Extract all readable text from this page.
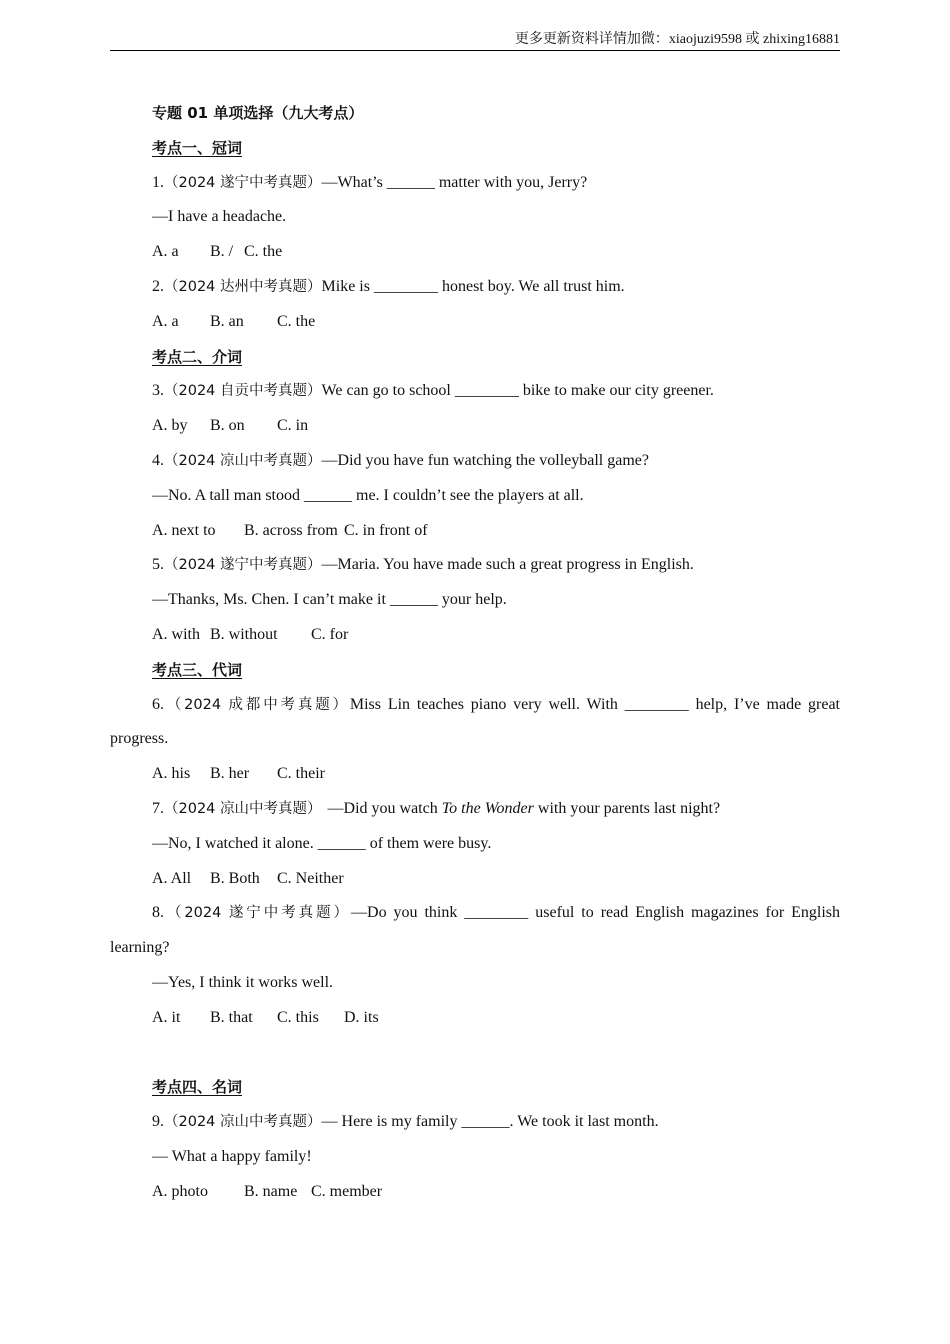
更多更新资料详情加微：xiaojuzi9598 或 zhixing16881
专题 01 单项选择（九大考点）
考点一、冠词
1.（2024 遂宁中考真题）—What’s ______ matter with you, Jerry?
—I have a headache.
A. a B. / C. the
2.（2024 达州中考真题）Mike is ________ honest boy. We all trust him.
A. a B. an C. the
考点二、介词
3.（2024 自贡中考真题）We can go to school ________ bike to make our city greener.
A. by B. on C. in
4.（2024 凉山中考真题）—Did you have fun watching the volleyball game?
—No. A tall man stood ______ me. I couldn’t see the players at all.
A. next to B. across from C. in front of
5.（2024 遂宁中考真题）—Maria. You have made such a great progress in English.
—Thanks, Ms. Chen. I can’t make it ______ your help.
A. with B. without C. for
考点三、代词
6.（2024 成都中考真题）Miss Lin teaches piano very well. With ________ help, I’ve made great
progress.
A. his B. her C. their
7.（2024 凉山中考真题） —Did you watch To the Wonder with your parents last night?
—No, I watched it alone. ______ of them were busy.
A. All B. Both C. Neither
8.（2024 遂宁中考真题）—Do you think ________ useful to read English magazines for English
learning?
—Yes, I think it works well.
A. it B. that C. this D. its
考点四、名词
9.（2024 凉山中考真题）— Here is my family ______. We took it last month.
— What a happy family!
A. photo B. name C. member
